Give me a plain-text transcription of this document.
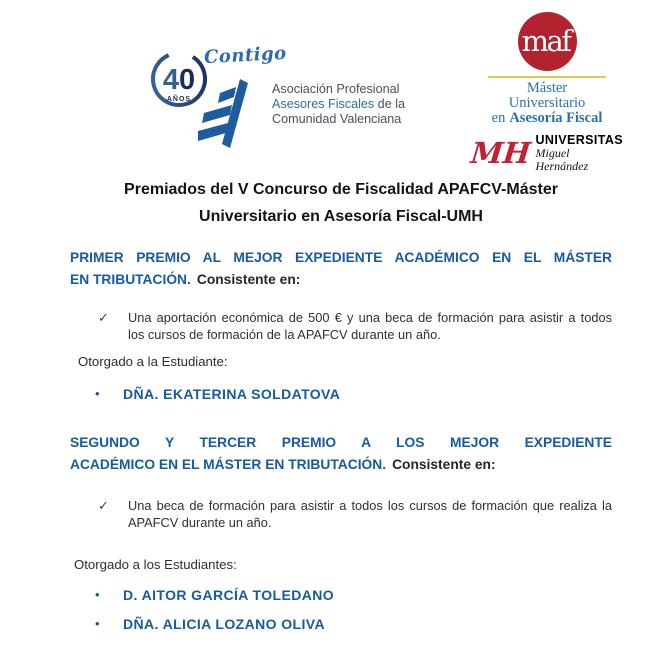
40
AÑOS
Contigo
Asociación Profesional
Asesores Fiscales de la
Comunidad Valenciana
maf
Máster Universitario
en Asesoría Fiscal
MH UNIVERSITAS
Miguel Hernández
Premiados del V Concurso de Fiscalidad APAFCV-Máster
Universitario en Asesoría Fiscal-UMH
PRIMER PREMIO AL MEJOR EXPEDIENTE ACADÉMICO EN EL MÁSTER
EN TRIBUTACIÓN. Consistente en:
✓	Una aportación económica de 500 € y una beca de formación para asistir a todos
los cursos de formación de la APAFCV durante un año.
Otorgado a la Estudiante:
•	DÑA. EKATERINA SOLDATOVA
SEGUNDO Y TERCER PREMIO A LOS MEJOR EXPEDIENTE
ACADÉMICO EN EL MÁSTER EN TRIBUTACIÓN. Consistente en:
✓	Una beca de formación para asistir a todos los cursos de formación que realiza la
APAFCV durante un año.
Otorgado a los Estudiantes:
•	D. AITOR GARCÍA TOLEDANO
•	DÑA. ALICIA LOZANO OLIVA
